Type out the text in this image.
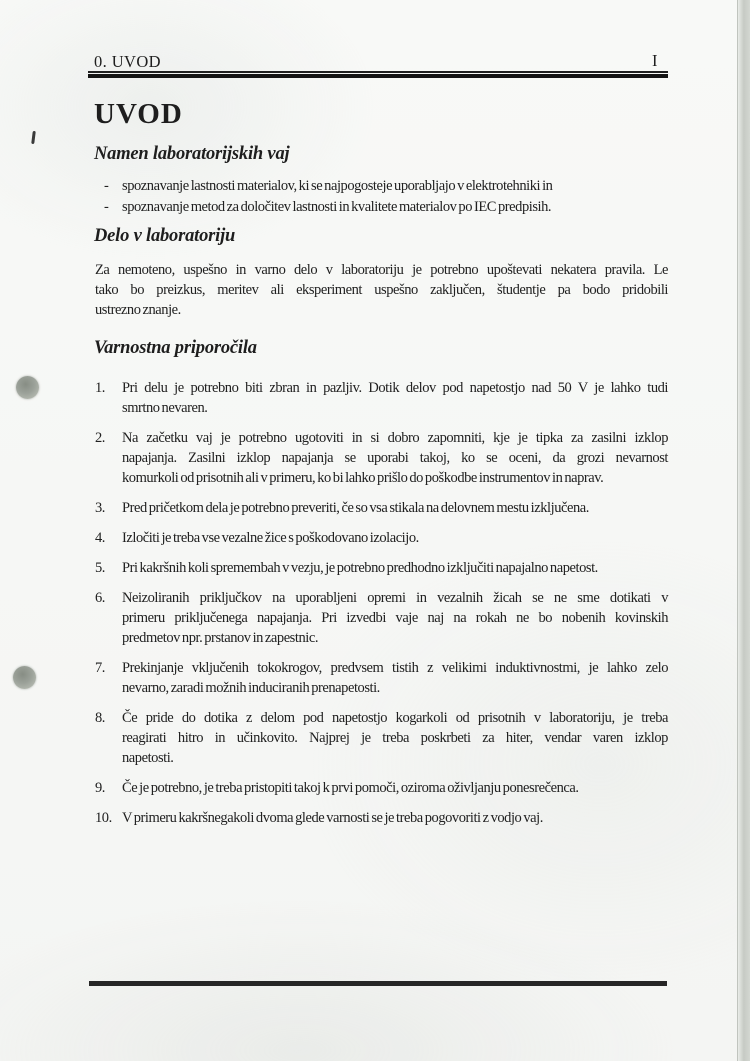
0. UVOD	I
UVOD
Namen laboratorijskih vaj
- spoznavanje lastnosti materialov, ki se najpogosteje uporabljajo v elektrotehniki in
- spoznavanje metod za določitev lastnosti in kvalitete materialov po IEC predpisih.
Delo v laboratoriju
Za nemoteno, uspešno in varno delo v laboratoriju je potrebno upoštevati nekatera pravila. Le
tako bo preizkus, meritev ali eksperiment uspešno zaključen, študentje pa bodo pridobili
ustrezno znanje.
Varnostna priporočila
1.	Pri delu je potrebno biti zbran in pazljiv. Dotik delov pod napetostjo nad 50 V je lahko tudi
smrtno nevaren.
2.	Na začetku vaj je potrebno ugotoviti in si dobro zapomniti, kje je tipka za zasilni izklop
napajanja. Zasilni izklop napajanja se uporabi takoj, ko se oceni, da grozi nevarnost
komurkoli od prisotnih ali v primeru, ko bi lahko prišlo do poškodbe instrumentov in naprav.
3.	Pred pričetkom dela je potrebno preveriti, če so vsa stikala na delovnem mestu izključena.
4.	Izločiti je treba vse vezalne žice s poškodovano izolacijo.
5.	Pri kakršnih koli spremembah v vezju, je potrebno predhodno izključiti napajalno napetost.
6.	Neizoliranih priključkov na uporabljeni opremi in vezalnih žicah se ne sme dotikati v
primeru priključenega napajanja. Pri izvedbi vaje naj na rokah ne bo nobenih kovinskih
predmetov npr. prstanov in zapestnic.
7.	Prekinjanje vključenih tokokrogov, predvsem tistih z velikimi induktivnostmi, je lahko zelo
nevarno, zaradi možnih induciranih prenapetosti.
8.	Če pride do dotika z delom pod napetostjo kogarkoli od prisotnih v laboratoriju, je treba
reagirati hitro in učinkovito. Najprej je treba poskrbeti za hiter, vendar varen izklop
napetosti.
9.	Če je potrebno, je treba pristopiti takoj k prvi pomoči, oziroma oživljanju ponesrečenca.
10. V primeru kakršnegakoli dvoma glede varnosti se je treba pogovoriti z vodjo vaj.
